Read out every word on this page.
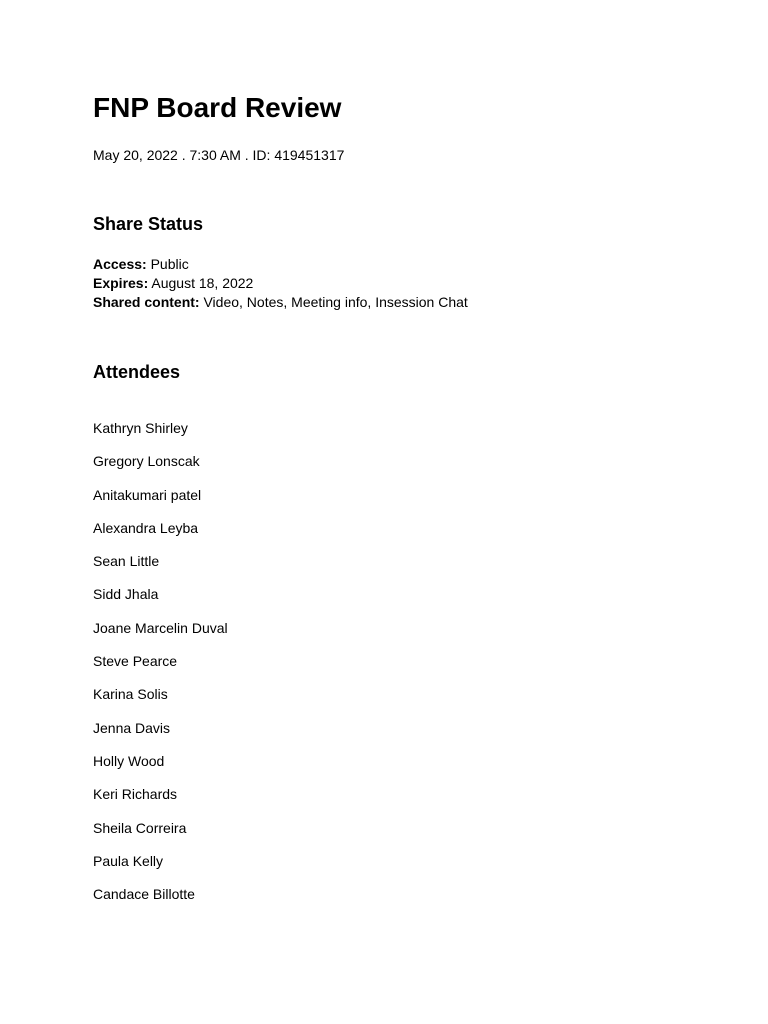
FNP Board Review
May 20, 2022 . 7:30 AM . ID: 419451317
Share Status
Access: Public
Expires: August 18, 2022
Shared content: Video, Notes, Meeting info, Insession Chat
Attendees
Kathryn Shirley
Gregory Lonscak
Anitakumari patel
Alexandra Leyba
Sean Little
Sidd Jhala
Joane Marcelin Duval
Steve Pearce
Karina Solis
Jenna Davis
Holly Wood
Keri Richards
Sheila Correira
Paula Kelly
Candace Billotte
